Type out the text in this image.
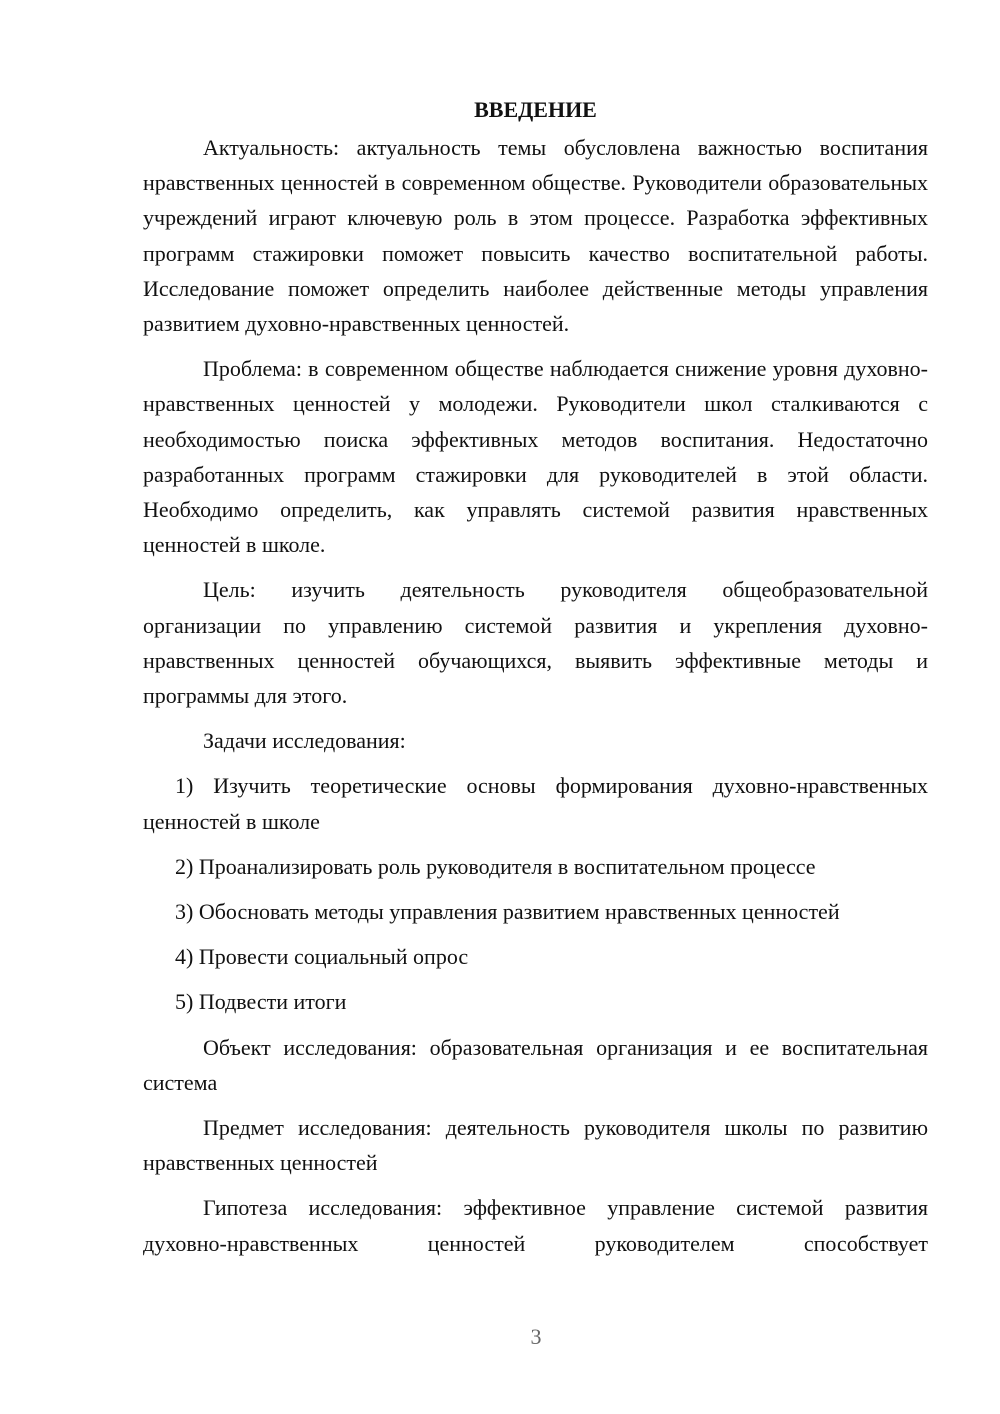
ВВЕДЕНИЕ

Актуальность: актуальность темы обусловлена важностью воспитания нравственных ценностей в современном обществе. Руководители образовательных учреждений играют ключевую роль в этом процессе. Разработка эффективных программ стажировки поможет повысить качество воспитательной работы. Исследование поможет определить наиболее действенные методы управления развитием духовно-нравственных ценностей.

Проблема: в современном обществе наблюдается снижение уровня духовно-нравственных ценностей у молодежи. Руководители школ сталкиваются с необходимостью поиска эффективных методов воспитания. Недостаточно разработанных программ стажировки для руководителей в этой области. Необходимо определить, как управлять системой развития нравственных ценностей в школе.

Цель: изучить деятельность руководителя общеобразовательной организации по управлению системой развития и укрепления духовно-нравственных ценностей обучающихся, выявить эффективные методы и программы для этого.

Задачи исследования:

1) Изучить теоретические основы формирования духовно-нравственных ценностей в школе

2) Проанализировать роль руководителя в воспитательном процессе

3) Обосновать методы управления развитием нравственных ценностей

4) Провести социальный опрос

5) Подвести итоги

Объект исследования: образовательная организация и ее воспитательная система

Предмет исследования: деятельность руководителя школы по развитию нравственных ценностей

Гипотеза исследования: эффективное управление системой развития духовно-нравственных ценностей руководителем способствует

3
